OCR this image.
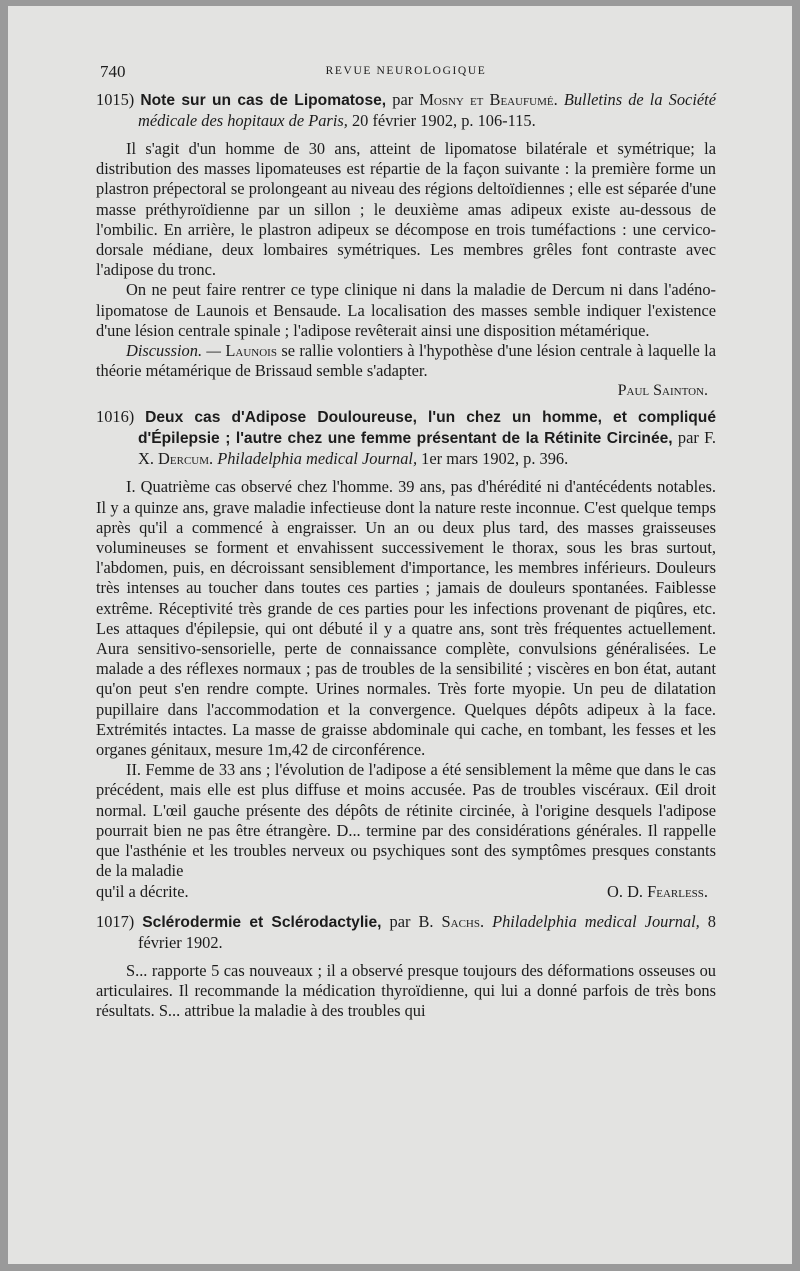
740	REVUE NEUROLOGIQUE

1015) Note sur un cas de Lipomatose, par Mosny et Beaufumé. Bulletins de la Société médicale des hopitaux de Paris, 20 février 1902, p. 106-115.

Il s'agit d'un homme de 30 ans, atteint de lipomatose bilatérale et symétrique; la distribution des masses lipomateuses est répartie de la façon suivante : la première forme un plastron prépectoral se prolongeant au niveau des régions deltoïdiennes ; elle est séparée d'une masse préthyroïdienne par un sillon ; le deuxième amas adipeux existe au-dessous de l'ombilic. En arrière, le plastron adipeux se décompose en trois tuméfactions : une cervico-dorsale médiane, deux lombaires symétriques. Les membres grêles font contraste avec l'adipose du tronc.

On ne peut faire rentrer ce type clinique ni dans la maladie de Dercum ni dans l'adéno-lipomatose de Launois et Bensaude. La localisation des masses semble indiquer l'existence d'une lésion centrale spinale ; l'adipose revêterait ainsi une disposition métamérique.

Discussion. — Launois se rallie volontiers à l'hypothèse d'une lésion centrale à laquelle la théorie métamérique de Brissaud semble s'adapter.

Paul Sainton.

1016) Deux cas d'Adipose Douloureuse, l'un chez un homme, et compliqué d'Épilepsie ; l'autre chez une femme présentant de la Rétinite Circinée, par F. X. Dercum. Philadelphia medical Journal, 1er mars 1902, p. 396.

I. Quatrième cas observé chez l'homme. 39 ans, pas d'hérédité ni d'antécédents notables. Il y a quinze ans, grave maladie infectieuse dont la nature reste inconnue. C'est quelque temps après qu'il a commencé à engraisser. Un an ou deux plus tard, des masses graisseuses volumineuses se forment et envahissent successivement le thorax, sous les bras surtout, l'abdomen, puis, en décroissant sensiblement d'importance, les membres inférieurs. Douleurs très intenses au toucher dans toutes ces parties ; jamais de douleurs spontanées. Faiblesse extrême. Réceptivité très grande de ces parties pour les infections provenant de piqûres, etc. Les attaques d'épilepsie, qui ont débuté il y a quatre ans, sont très fréquentes actuellement. Aura sensitivo-sensorielle, perte de connaissance complète, convulsions généralisées. Le malade a des réflexes normaux ; pas de troubles de la sensibilité ; viscères en bon état, autant qu'on peut s'en rendre compte. Urines normales. Très forte myopie. Un peu de dilatation pupillaire dans l'accommodation et la convergence. Quelques dépôts adipeux à la face. Extrémités intactes. La masse de graisse abdominale qui cache, en tombant, les fesses et les organes génitaux, mesure 1m,42 de circonférence.

II. Femme de 33 ans ; l'évolution de l'adipose a été sensiblement la même que dans le cas précédent, mais elle est plus diffuse et moins accusée. Pas de troubles viscéraux. Œil droit normal. L'œil gauche présente des dépôts de rétinite circinée, à l'origine desquels l'adipose pourrait bien ne pas être étrangère. D... termine par des considérations générales. Il rappelle que l'asthénie et les troubles nerveux ou psychiques sont des symptômes presques constants de la maladie

qu'il a décrite.	O. D. Fearless.

1017) Sclérodermie et Sclérodactylie, par B. Sachs. Philadelphia medical Journal, 8 février 1902.

S... rapporte 5 cas nouveaux ; il a observé presque toujours des déformations osseuses ou articulaires. Il recommande la médication thyroïdienne, qui lui a donné parfois de très bons résultats. S... attribue la maladie à des troubles qui
